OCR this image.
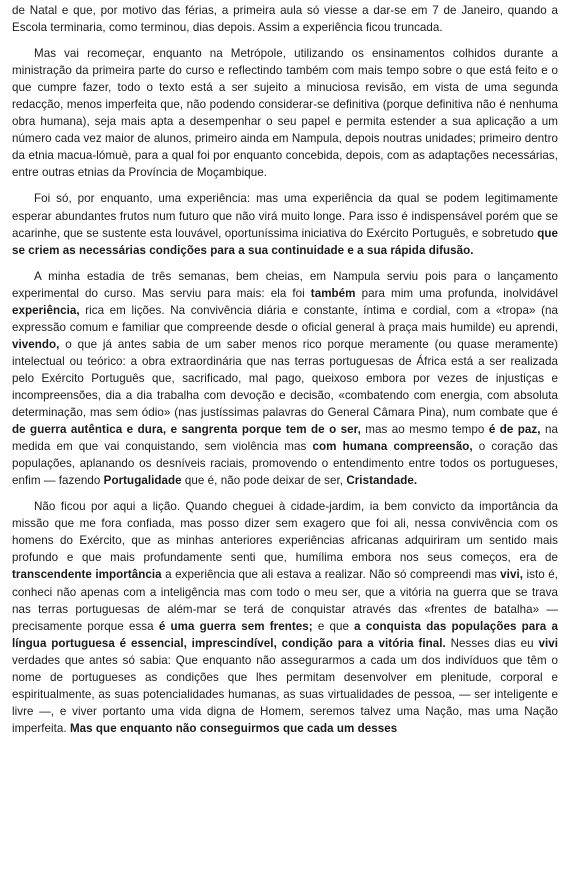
de Natal e que, por motivo das férias, a primeira aula só viesse a dar-se em 7 de Janeiro, quando a Escola terminaria, como terminou, dias depois. Assim a experiência ficou truncada.

Mas vai recomeçar, enquanto na Metrópole, utilizando os ensinamentos colhidos durante a ministração da primeira parte do curso e reflectindo também com mais tempo sobre o que está feito e o que cumpre fazer, todo o texto está a ser sujeito a minuciosa revisão, em vista de uma segunda redacção, menos imperfeita que, não podendo considerar-se definitiva (porque definitiva não é nenhuma obra humana), seja mais apta a desempenhar o seu papel e permita estender a sua aplicação a um número cada vez maior de alunos, primeiro ainda em Nampula, depois noutras unidades; primeiro dentro da etnia macua-lómuè, para a qual foi por enquanto concebida, depois, com as adaptações necessárias, entre outras etnias da Província de Moçambique.

Foi só, por enquanto, uma experiência: mas uma experiência da qual se podem legitimamente esperar abundantes frutos num futuro que não virá muito longe. Para isso é indispensável porém que se acarinhe, que se sustente esta louvável, oportuníssima iniciativa do Exército Português, e sobretudo que se criem as necessárias condições para a sua continuidade e a sua rápida difusão.

A minha estadia de três semanas, bem cheias, em Nampula serviu pois para o lançamento experimental do curso. Mas serviu para mais: ela foi também para mim uma profunda, inolvidável experiência, rica em lições. Na convivência diária e constante, íntima e cordial, com a «tropa» (na expressão comum e familiar que compreende desde o oficial general à praça mais humilde) eu aprendi, vivendo, o que já antes sabia de um saber menos rico porque meramente (ou quase meramente) intelectual ou teórico: a obra extraordinária que nas terras portuguesas de África está a ser realizada pelo Exército Português que, sacrificado, mal pago, queixoso embora por vezes de injustiças e incompreensões, dia a dia trabalha com devoção e decisão, «combatendo com energia, com absoluta determinação, mas sem ódio» (nas justíssimas palavras do General Câmara Pina), num combate que é de guerra autêntica e dura, e sangrenta porque tem de o ser, mas ao mesmo tempo é de paz, na medida em que vai conquistando, sem violência mas com humana compreensão, o coração das populações, aplanando os desníveis raciais, promovendo o entendimento entre todos os portugueses, enfim — fazendo Portugalidade que é, não pode deixar de ser, Cristandade.

Não ficou por aqui a lição. Quando cheguei à cidade-jardim, ia bem convicto da importância da missão que me fora confiada, mas posso dizer sem exagero que foi ali, nessa convivência com os homens do Exército, que as minhas anteriores experiências africanas adquiriram um sentido mais profundo e que mais profundamente senti que, humílima embora nos seus começos, era de transcendente importância a experiência que ali estava a realizar. Não só compreendi mas vivi, isto é, conheci não apenas com a inteligência mas com todo o meu ser, que a vitória na guerra que se trava nas terras portuguesas de além-mar se terá de conquistar através das «frentes de batalha» — precisamente porque essa é uma guerra sem frentes; e que a conquista das populações para a língua portuguesa é essencial, imprescindível, condição para a vitória final. Nesses dias eu vivi verdades que antes só sabia: Que enquanto não assegurarmos a cada um dos indivíduos que têm o nome de portugueses as condições que lhes permitam desenvolver em plenitude, corporal e espiritualmente, as suas potencialidades humanas, as suas virtualidades de pessoa, — ser inteligente e livre —, e viver portanto uma vida digna de Homem, seremos talvez uma Nação, mas uma Nação imperfeita. Mas que enquanto não conseguirmos que cada um desses
